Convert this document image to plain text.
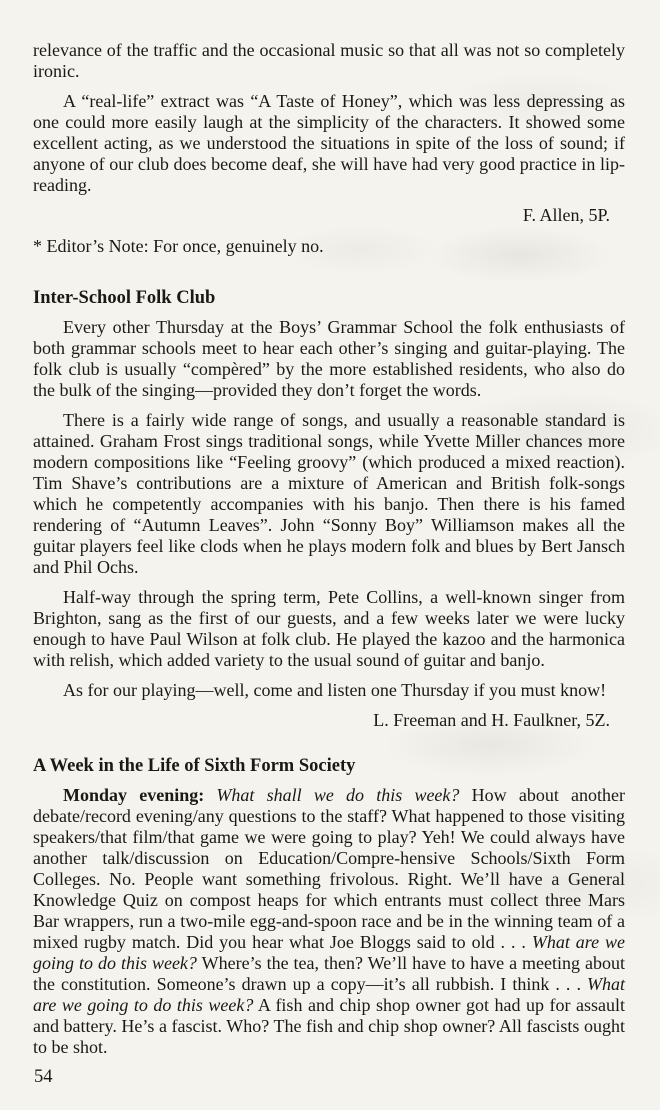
relevance of the traffic and the occasional music so that all was not so completely ironic.

A “real-life” extract was “A Taste of Honey”, which was less depressing as one could more easily laugh at the simplicity of the characters. It showed some excellent acting, as we understood the situations in spite of the loss of sound; if anyone of our club does become deaf, she will have had very good practice in lip-reading.

F. Allen, 5P.

* Editor’s Note: For once, genuinely no.

Inter-School Folk Club

Every other Thursday at the Boys’ Grammar School the folk enthusiasts of both grammar schools meet to hear each other’s singing and guitar-playing. The folk club is usually “compèred” by the more established residents, who also do the bulk of the singing—provided they don’t forget the words.

There is a fairly wide range of songs, and usually a reasonable standard is attained. Graham Frost sings traditional songs, while Yvette Miller chances more modern compositions like “Feeling groovy” (which produced a mixed reaction). Tim Shave’s contributions are a mixture of American and British folk-songs which he competently accompanies with his banjo. Then there is his famed rendering of “Autumn Leaves”. John “Sonny Boy” Williamson makes all the guitar players feel like clods when he plays modern folk and blues by Bert Jansch and Phil Ochs.

Half-way through the spring term, Pete Collins, a well-known singer from Brighton, sang as the first of our guests, and a few weeks later we were lucky enough to have Paul Wilson at folk club. He played the kazoo and the harmonica with relish, which added variety to the usual sound of guitar and banjo.

As for our playing—well, come and listen one Thursday if you must know!

L. Freeman and H. Faulkner, 5Z.

A Week in the Life of Sixth Form Society

Monday evening: What shall we do this week? How about another debate/record evening/any questions to the staff? What happened to those visiting speakers/that film/that game we were going to play? Yeh! We could always have another talk/discussion on Education/Compre-hensive Schools/Sixth Form Colleges. No. People want something frivolous. Right. We’ll have a General Knowledge Quiz on compost heaps for which entrants must collect three Mars Bar wrappers, run a two-mile egg-and-spoon race and be in the winning team of a mixed rugby match. Did you hear what Joe Bloggs said to old . . . What are we going to do this week? Where’s the tea, then? We’ll have to have a meeting about the constitution. Someone’s drawn up a copy—it’s all rubbish. I think . . . What are we going to do this week? A fish and chip shop owner got had up for assault and battery. He’s a fascist. Who? The fish and chip shop owner? All fascists ought to be shot.

54
